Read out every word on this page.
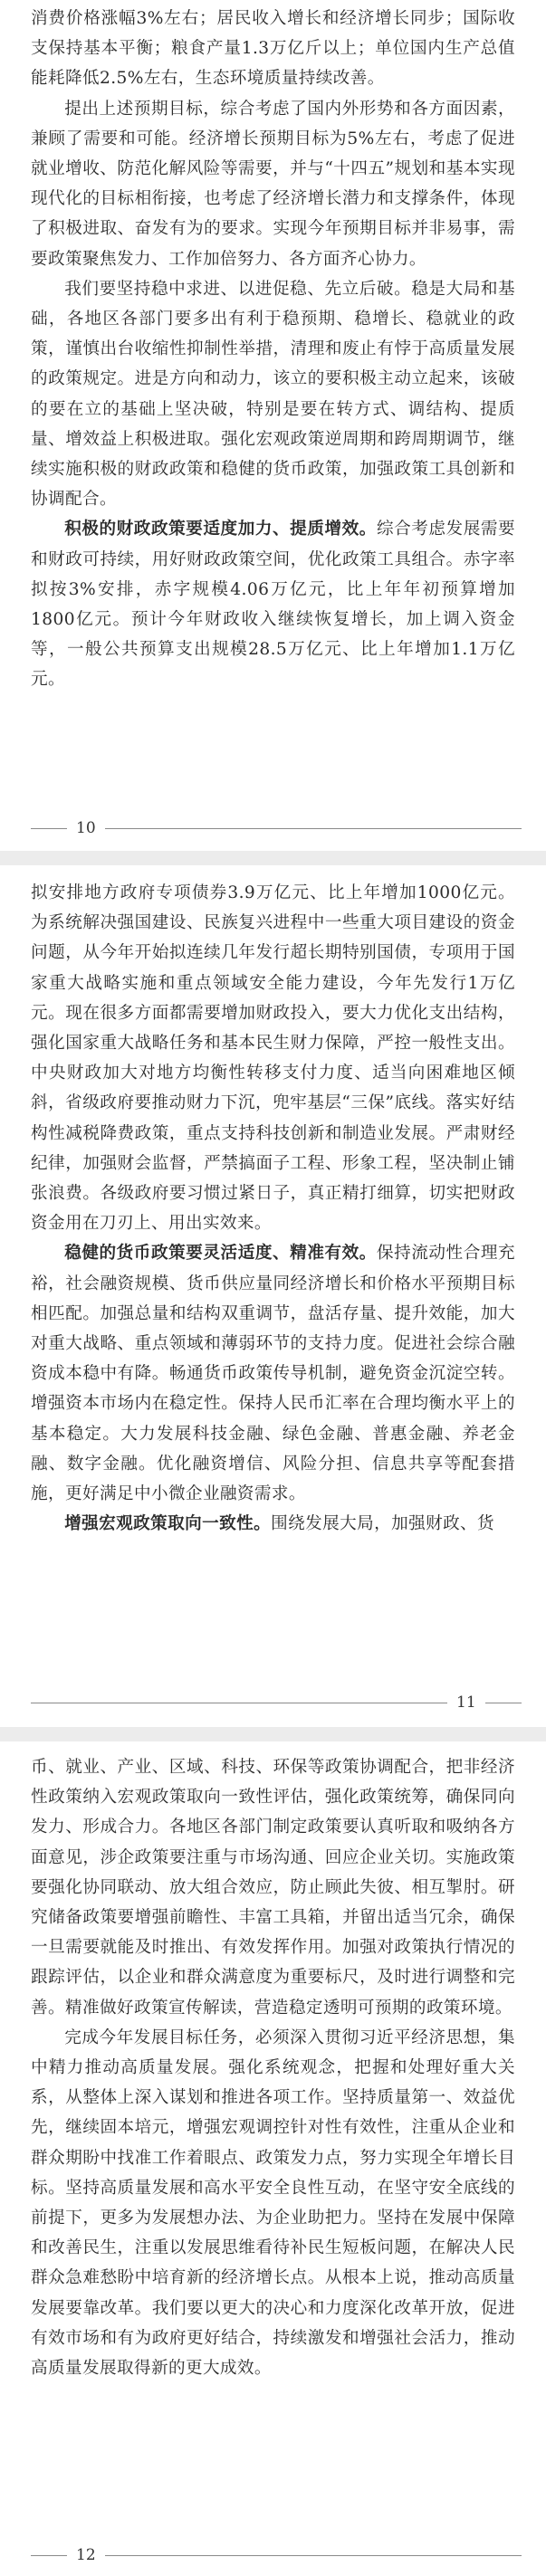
消费价格涨幅3%左右；居民收入增长和经济增长同步；国际收支保持基本平衡；粮食产量1.3万亿斤以上；单位国内生产总值能耗降低2.5%左右，生态环境质量持续改善。

提出上述预期目标，综合考虑了国内外形势和各方面因素，兼顾了需要和可能。经济增长预期目标为5%左右，考虑了促进就业增收、防范化解风险等需要，并与“十四五”规划和基本实现现代化的目标相衔接，也考虑了经济增长潜力和支撑条件，体现了积极进取、奋发有为的要求。实现今年预期目标并非易事，需要政策聚焦发力、工作加倍努力、各方面齐心协力。

我们要坚持稳中求进、以进促稳、先立后破。稳是大局和基础，各地区各部门要多出有利于稳预期、稳增长、稳就业的政策，谨慎出台收缩性抑制性举措，清理和废止有悖于高质量发展的政策规定。进是方向和动力，该立的要积极主动立起来，该破的要在立的基础上坚决破，特别是要在转方式、调结构、提质量、增效益上积极进取。强化宏观政策逆周期和跨周期调节，继续实施积极的财政政策和稳健的货币政策，加强政策工具创新和协调配合。

积极的财政政策要适度加力、提质增效。综合考虑发展需要和财政可持续，用好财政政策空间，优化政策工具组合。赤字率拟按3%安排，赤字规模4.06万亿元，比上年年初预算增加1800亿元。预计今年财政收入继续恢复增长，加上调入资金等，一般公共预算支出规模28.5万亿元、比上年增加1.1万亿元。

10

拟安排地方政府专项债券3.9万亿元、比上年增加1000亿元。为系统解决强国建设、民族复兴进程中一些重大项目建设的资金问题，从今年开始拟连续几年发行超长期特别国债，专项用于国家重大战略实施和重点领域安全能力建设，今年先发行1万亿元。现在很多方面都需要增加财政投入，要大力优化支出结构，强化国家重大战略任务和基本民生财力保障，严控一般性支出。中央财政加大对地方均衡性转移支付力度、适当向困难地区倾斜，省级政府要推动财力下沉，兜牢基层“三保”底线。落实好结构性减税降费政策，重点支持科技创新和制造业发展。严肃财经纪律，加强财会监督，严禁搞面子工程、形象工程，坚决制止铺张浪费。各级政府要习惯过紧日子，真正精打细算，切实把财政资金用在刀刃上、用出实效来。

稳健的货币政策要灵活适度、精准有效。保持流动性合理充裕，社会融资规模、货币供应量同经济增长和价格水平预期目标相匹配。加强总量和结构双重调节，盘活存量、提升效能，加大对重大战略、重点领域和薄弱环节的支持力度。促进社会综合融资成本稳中有降。畅通货币政策传导机制，避免资金沉淀空转。增强资本市场内在稳定性。保持人民币汇率在合理均衡水平上的基本稳定。大力发展科技金融、绿色金融、普惠金融、养老金融、数字金融。优化融资增信、风险分担、信息共享等配套措施，更好满足中小微企业融资需求。

增强宏观政策取向一致性。围绕发展大局，加强财政、货

11

币、就业、产业、区域、科技、环保等政策协调配合，把非经济性政策纳入宏观政策取向一致性评估，强化政策统筹，确保同向发力、形成合力。各地区各部门制定政策要认真听取和吸纳各方面意见，涉企政策要注重与市场沟通、回应企业关切。实施政策要强化协同联动、放大组合效应，防止顾此失彼、相互掣肘。研究储备政策要增强前瞻性、丰富工具箱，并留出适当冗余，确保一旦需要就能及时推出、有效发挥作用。加强对政策执行情况的跟踪评估，以企业和群众满意度为重要标尺，及时进行调整和完善。精准做好政策宣传解读，营造稳定透明可预期的政策环境。

完成今年发展目标任务，必须深入贯彻习近平经济思想，集中精力推动高质量发展。强化系统观念，把握和处理好重大关系，从整体上深入谋划和推进各项工作。坚持质量第一、效益优先，继续固本培元，增强宏观调控针对性有效性，注重从企业和群众期盼中找准工作着眼点、政策发力点，努力实现全年增长目标。坚持高质量发展和高水平安全良性互动，在坚守安全底线的前提下，更多为发展想办法、为企业助把力。坚持在发展中保障和改善民生，注重以发展思维看待补民生短板问题，在解决人民群众急难愁盼中培育新的经济增长点。从根本上说，推动高质量发展要靠改革。我们要以更大的决心和力度深化改革开放，促进有效市场和有为政府更好结合，持续激发和增强社会活力，推动高质量发展取得新的更大成效。

12
